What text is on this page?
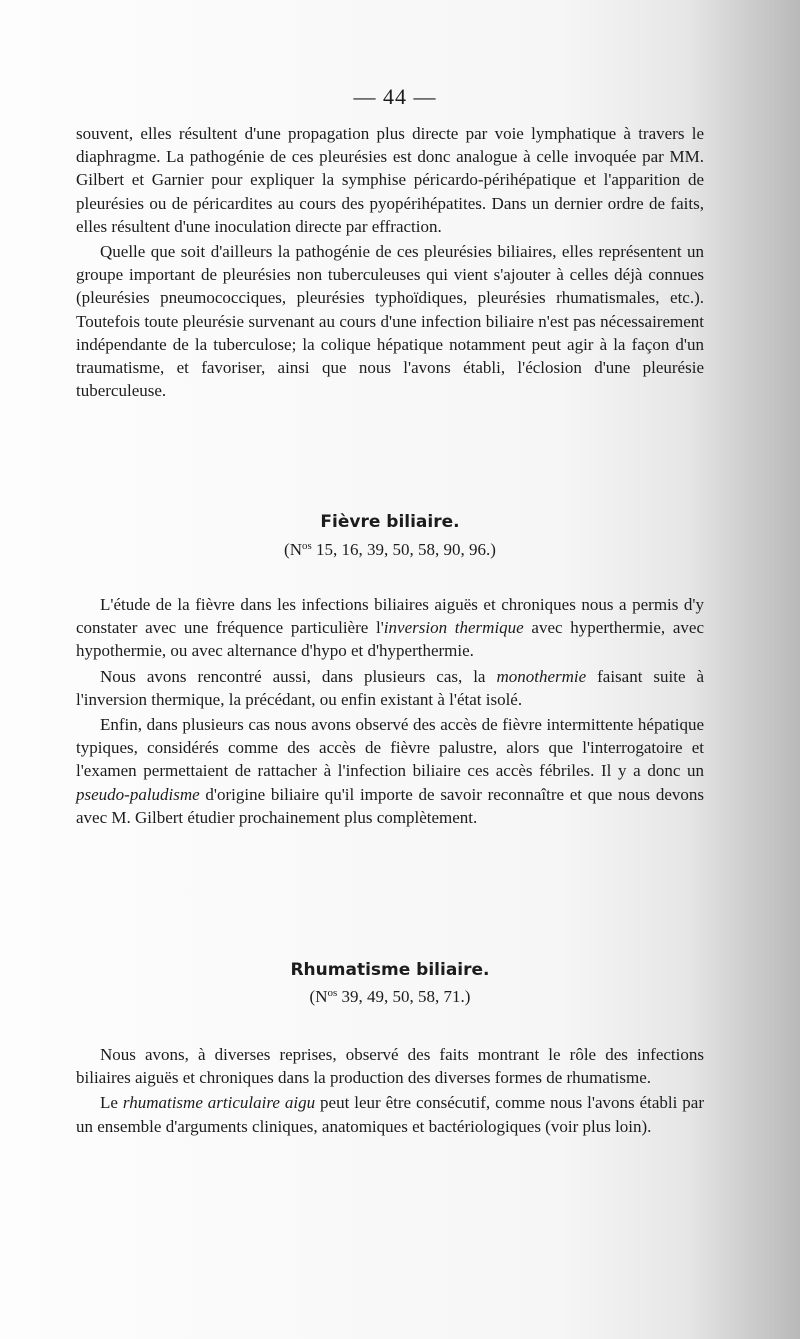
— 44 —

souvent, elles résultent d'une propagation plus directe par voie lymphatique à travers le diaphragme. La pathogénie de ces pleurésies est donc analogue à celle invoquée par MM. Gilbert et Garnier pour expliquer la symphise péricardo-périhépatique et l'apparition de pleurésies ou de péricardites au cours des pyopérihépatites. Dans un dernier ordre de faits, elles résultent d'une inoculation directe par effraction.

Quelle que soit d'ailleurs la pathogénie de ces pleurésies biliaires, elles représentent un groupe important de pleurésies non tuberculeuses qui vient s'ajouter à celles déjà connues (pleurésies pneumococciques, pleurésies typhoïdiques, pleurésies rhumatismales, etc.). Toutefois toute pleurésie survenant au cours d'une infection biliaire n'est pas nécessairement indépendante de la tuberculose; la colique hépatique notamment peut agir à la façon d'un traumatisme, et favoriser, ainsi que nous l'avons établi, l'éclosion d'une pleurésie tuberculeuse.

Fièvre biliaire.
($N^{os}$ 15, 16, 39, 50, 58, 90, 96.)

L'étude de la fièvre dans les infections biliaires aiguës et chroniques nous a permis d'y constater avec une fréquence particulière l'inversion thermique avec hyperthermie, avec hypothermie, ou avec alternance d'hypo et d'hyperthermie.

Nous avons rencontré aussi, dans plusieurs cas, la monothermie faisant suite à l'inversion thermique, la précédant, ou enfin existant à l'état isolé.

Enfin, dans plusieurs cas nous avons observé des accès de fièvre intermittente hépatique typiques, considérés comme des accès de fièvre palustre, alors que l'interrogatoire et l'examen permettaient de rattacher à l'infection biliaire ces accès fébriles. Il y a donc un pseudo-paludisme d'origine biliaire qu'il importe de savoir reconnaître et que nous devons avec M. Gilbert étudier prochainement plus complètement.

Rhumatisme biliaire.
($N^{os}$ 39, 49, 50, 58, 71.)

Nous avons, à diverses reprises, observé des faits montrant le rôle des infections biliaires aiguës et chroniques dans la production des diverses formes de rhumatisme.

Le rhumatisme articulaire aigu peut leur être consécutif, comme nous l'avons établi par un ensemble d'arguments cliniques, anatomiques et bactériologiques (voir plus loin).
